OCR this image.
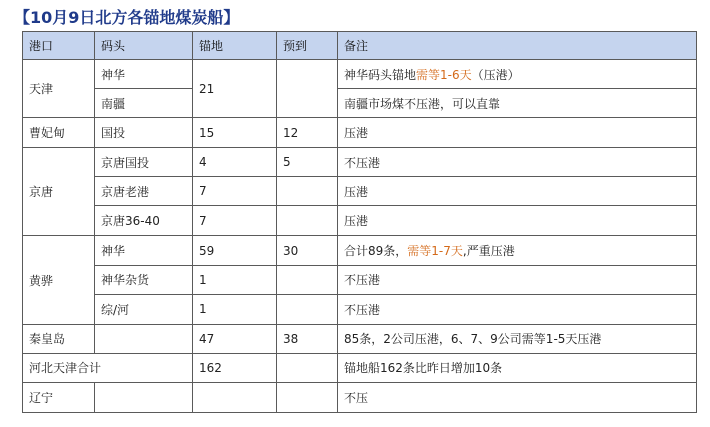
【10月9日北方各锚地煤炭船】
港口	码头	锚地	预到	备注
天津	神华	21		神华码头锚地需等1-6天（压港）
	南疆			南疆市场煤不压港，可以直靠
曹妃甸	国投	15	12	压港
京唐	京唐国投	4	5	不压港
	京唐老港	7		压港
	京唐36-40	7		压港
黄骅	神华	59	30	合计89条，需等1-7天,严重压港
	神华杂货	1		不压港
	综/河	1		不压港
秦皇岛		47	38	85条，2公司压港，6、7、9公司需等1-5天压港
河北天津合计		162		锚地船162条比昨日增加10条
辽宁				不压
